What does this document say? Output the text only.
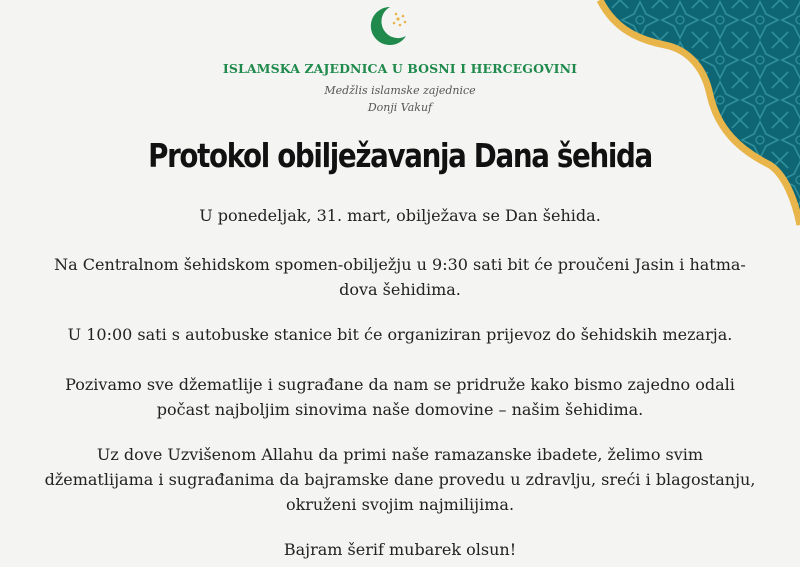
ISLAMSKA ZAJEDNICA U BOSNI I HERCEGOVINI
Medžlis islamske zajednice
Donji Vakuf
Protokol obilježavanja Dana šehida
U ponedeljak, 31. mart, obilježava se Dan šehida.
Na Centralnom šehidskom spomen-obilježju u 9:30 sati bit će proučeni Jasin i hatma-
dova šehidima.
U 10:00 sati s autobuske stanice bit će organiziran prijevoz do šehidskih mezarja.
Pozivamo sve džematlije i sugrađane da nam se pridruže kako bismo zajedno odali
počast najboljim sinovima naše domovine – našim šehidima.
Uz dove Uzvišenom Allahu da primi naše ramazanske ibadete, želimo svim
džematlijama i sugrađanima da bajramske dane provedu u zdravlju, sreći i blagostanju,
okruženi svojim najmilijima.
Bajram šerif mubarek olsun!
